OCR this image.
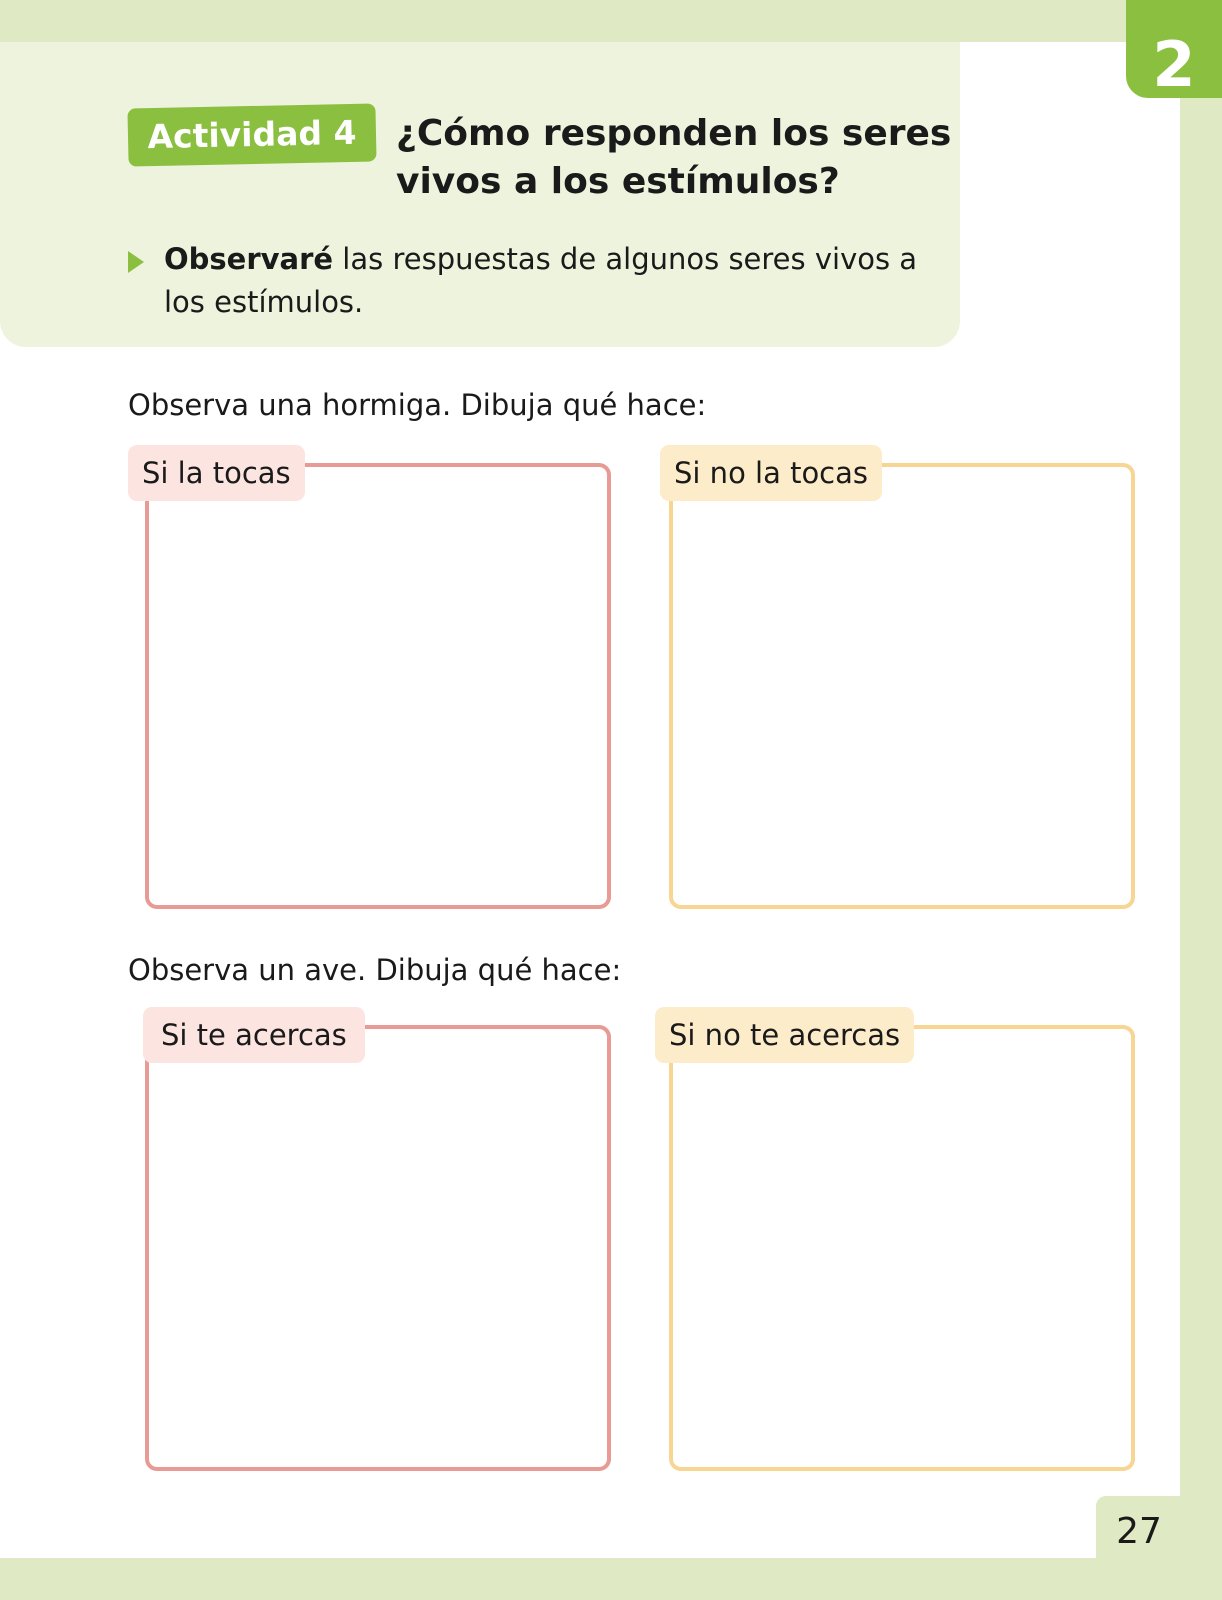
2
Actividad 4	¿Cómo responden los seres vivos a los estímulos?
Observaré las respuestas de algunos seres vivos a los estímulos.
Observa una hormiga. Dibuja qué hace:
Si la tocas	Si no la tocas
Observa un ave. Dibuja qué hace:
Si te acercas	Si no te acercas
27
